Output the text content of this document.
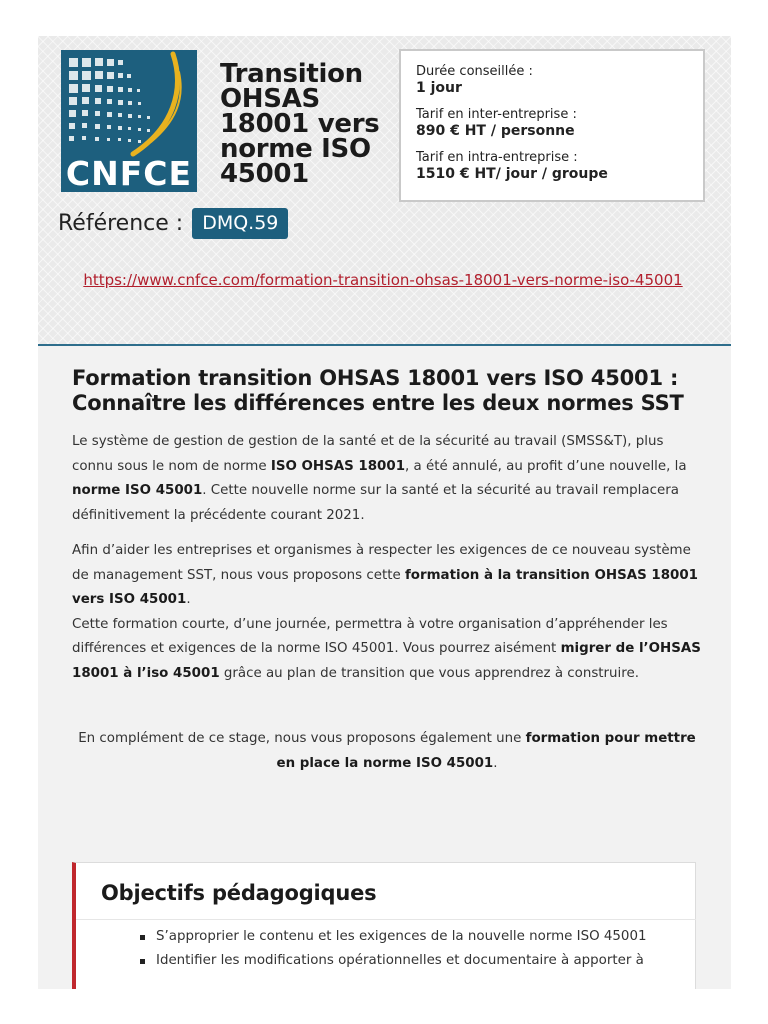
CNFCE
Transition OHSAS 18001 vers norme ISO 45001
Durée conseillée :
1 jour
Tarif en inter-entreprise :
890 € HT / personne
Tarif en intra-entreprise :
1510 € HT/ jour / groupe
Référence :	DMQ.59
https://www.cnfce.com/formation-transition-ohsas-18001-vers-norme-iso-45001
Formation transition OHSAS 18001 vers ISO 45001 : Connaître les différences entre les deux normes SST

Le système de gestion de gestion de la santé et de la sécurité au travail (SMSS&T), plus connu sous le nom de norme ISO OHSAS 18001, a été annulé, au profit d’une nouvelle, la norme ISO 45001. Cette nouvelle norme sur la santé et la sécurité au travail remplacera définitivement la précédente courant 2021.

Afin d’aider les entreprises et organismes à respecter les exigences de ce nouveau système de management SST, nous vous proposons cette formation à la transition OHSAS 18001 vers ISO 45001.
Cette formation courte, d’une journée, permettra à votre organisation d’appréhender les différences et exigences de la norme ISO 45001. Vous pourrez aisément migrer de l’OHSAS 18001 à l’iso 45001 grâce au plan de transition que vous apprendrez à construire.

En complément de ce stage, nous vous proposons également une formation pour mettre en place la norme ISO 45001.

Objectifs pédagogiques
S’approprier le contenu et les exigences de la nouvelle norme ISO 45001
Identifier les modifications opérationnelles et documentaire à apporter à
